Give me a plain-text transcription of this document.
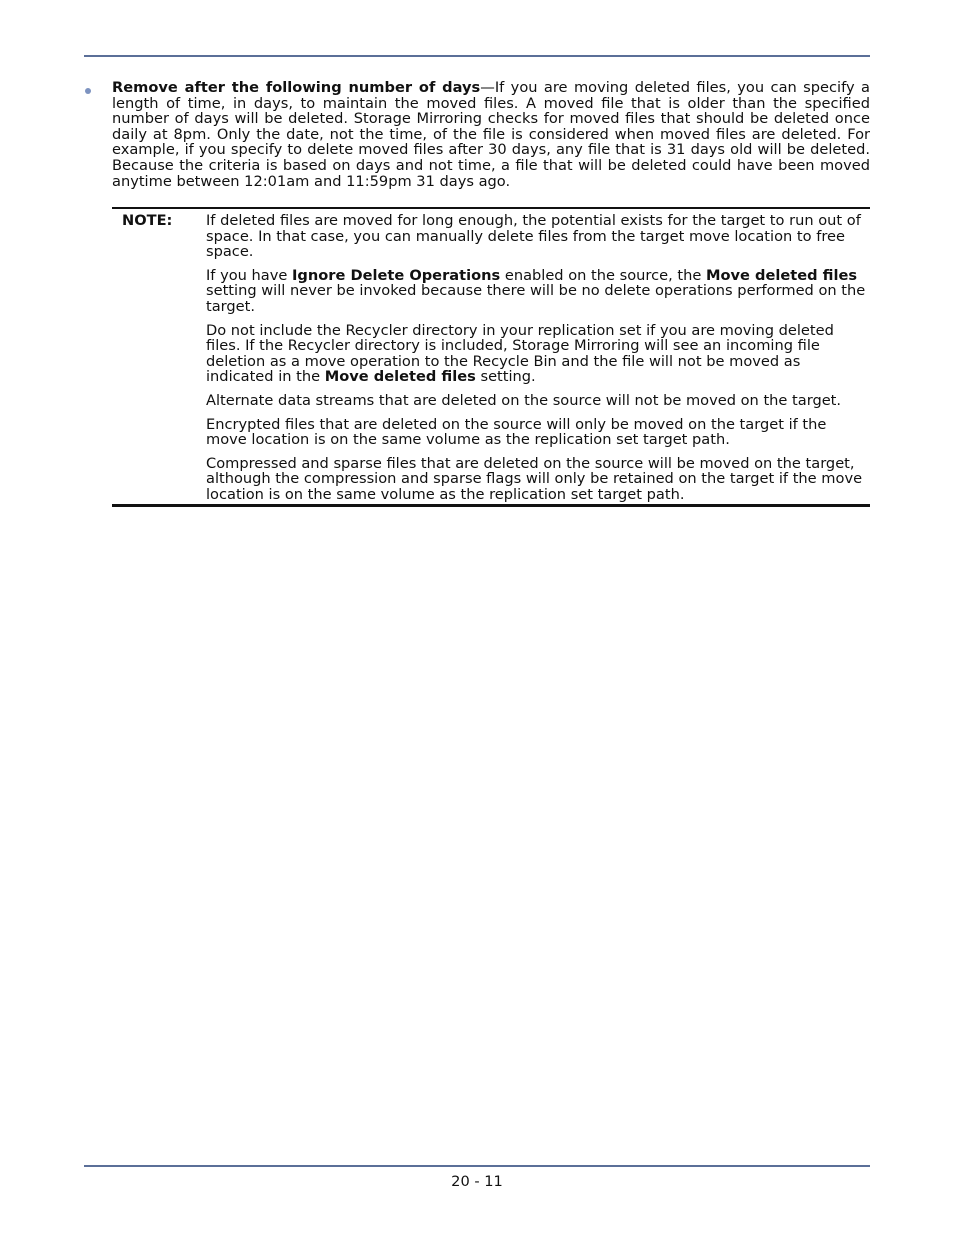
Remove after the following number of days—If you are moving deleted files, you can specify a length of time, in days, to maintain the moved files. A moved file that is older than the specified number of days will be deleted. Storage Mirroring checks for moved files that should be deleted once daily at 8pm. Only the date, not the time, of the file is considered when moved files are deleted. For example, if you specify to delete moved files after 30 days, any file that is 31 days old will be deleted. Because the criteria is based on days and not time, a file that will be deleted could have been moved anytime between 12:01am and 11:59pm 31 days ago.
NOTE: If deleted files are moved for long enough, the potential exists for the target to run out of space. In that case, you can manually delete files from the target move location to free space.

If you have Ignore Delete Operations enabled on the source, the Move deleted files setting will never be invoked because there will be no delete operations performed on the target.

Do not include the Recycler directory in your replication set if you are moving deleted files. If the Recycler directory is included, Storage Mirroring will see an incoming file deletion as a move operation to the Recycle Bin and the file will not be moved as indicated in the Move deleted files setting.

Alternate data streams that are deleted on the source will not be moved on the target.

Encrypted files that are deleted on the source will only be moved on the target if the move location is on the same volume as the replication set target path.

Compressed and sparse files that are deleted on the source will be moved on the target, although the compression and sparse flags will only be retained on the target if the move location is on the same volume as the replication set target path.

20 - 11
